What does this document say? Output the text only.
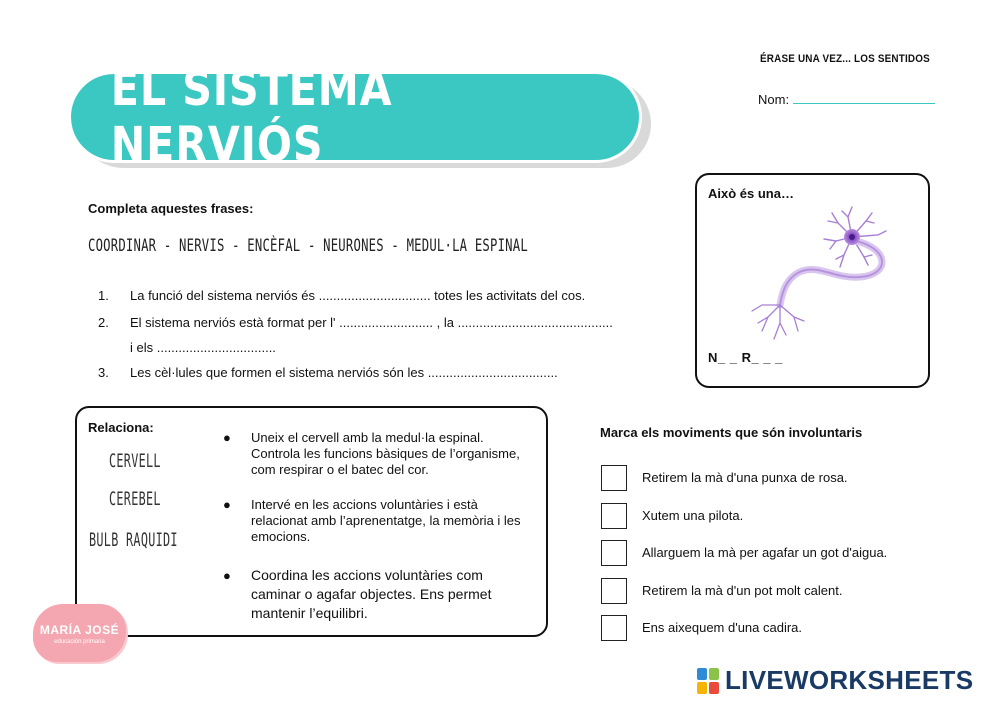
EL SISTEMA NERVIÓS
ÉRASE UNA VEZ... LOS SENTIDOS
Nom:
Completa aquestes frases:
COORDINAR - NERVIS - ENCÈFAL - NEURONES - MEDUL·LA ESPINAL
1. La funció del sistema nerviós és ............................... totes les activitats del cos.
2. El sistema nerviós està format per l' .......................... , la ...........................................
i els .................................
3. Les cèl·lules que formen el sistema nerviós són les ....................................
Això és una…
N_ _ R_ _ _
Relaciona:
CERVELL
CEREBEL
BULB RAQUIDI
● Uneix el cervell amb la medul·la espinal. Controla les funcions bàsiques de l’organisme, com respirar o el batec del cor.
● Intervé en les accions voluntàries i està relacionat amb l’aprenentatge, la memòria i les emocions.
● Coordina les accions voluntàries com caminar o agafar objectes. Ens permet mantenir l’equilibri.
Marca els moviments que són involuntaris
Retirem la mà d'una punxa de rosa.
Xutem una pilota.
Allarguem la mà per agafar un got d'aigua.
Retirem la mà d'un pot molt calent.
Ens aixequem d'una cadira.
MARÍA JOSÉ
educación primaria
LIVEWORKSHEETS
